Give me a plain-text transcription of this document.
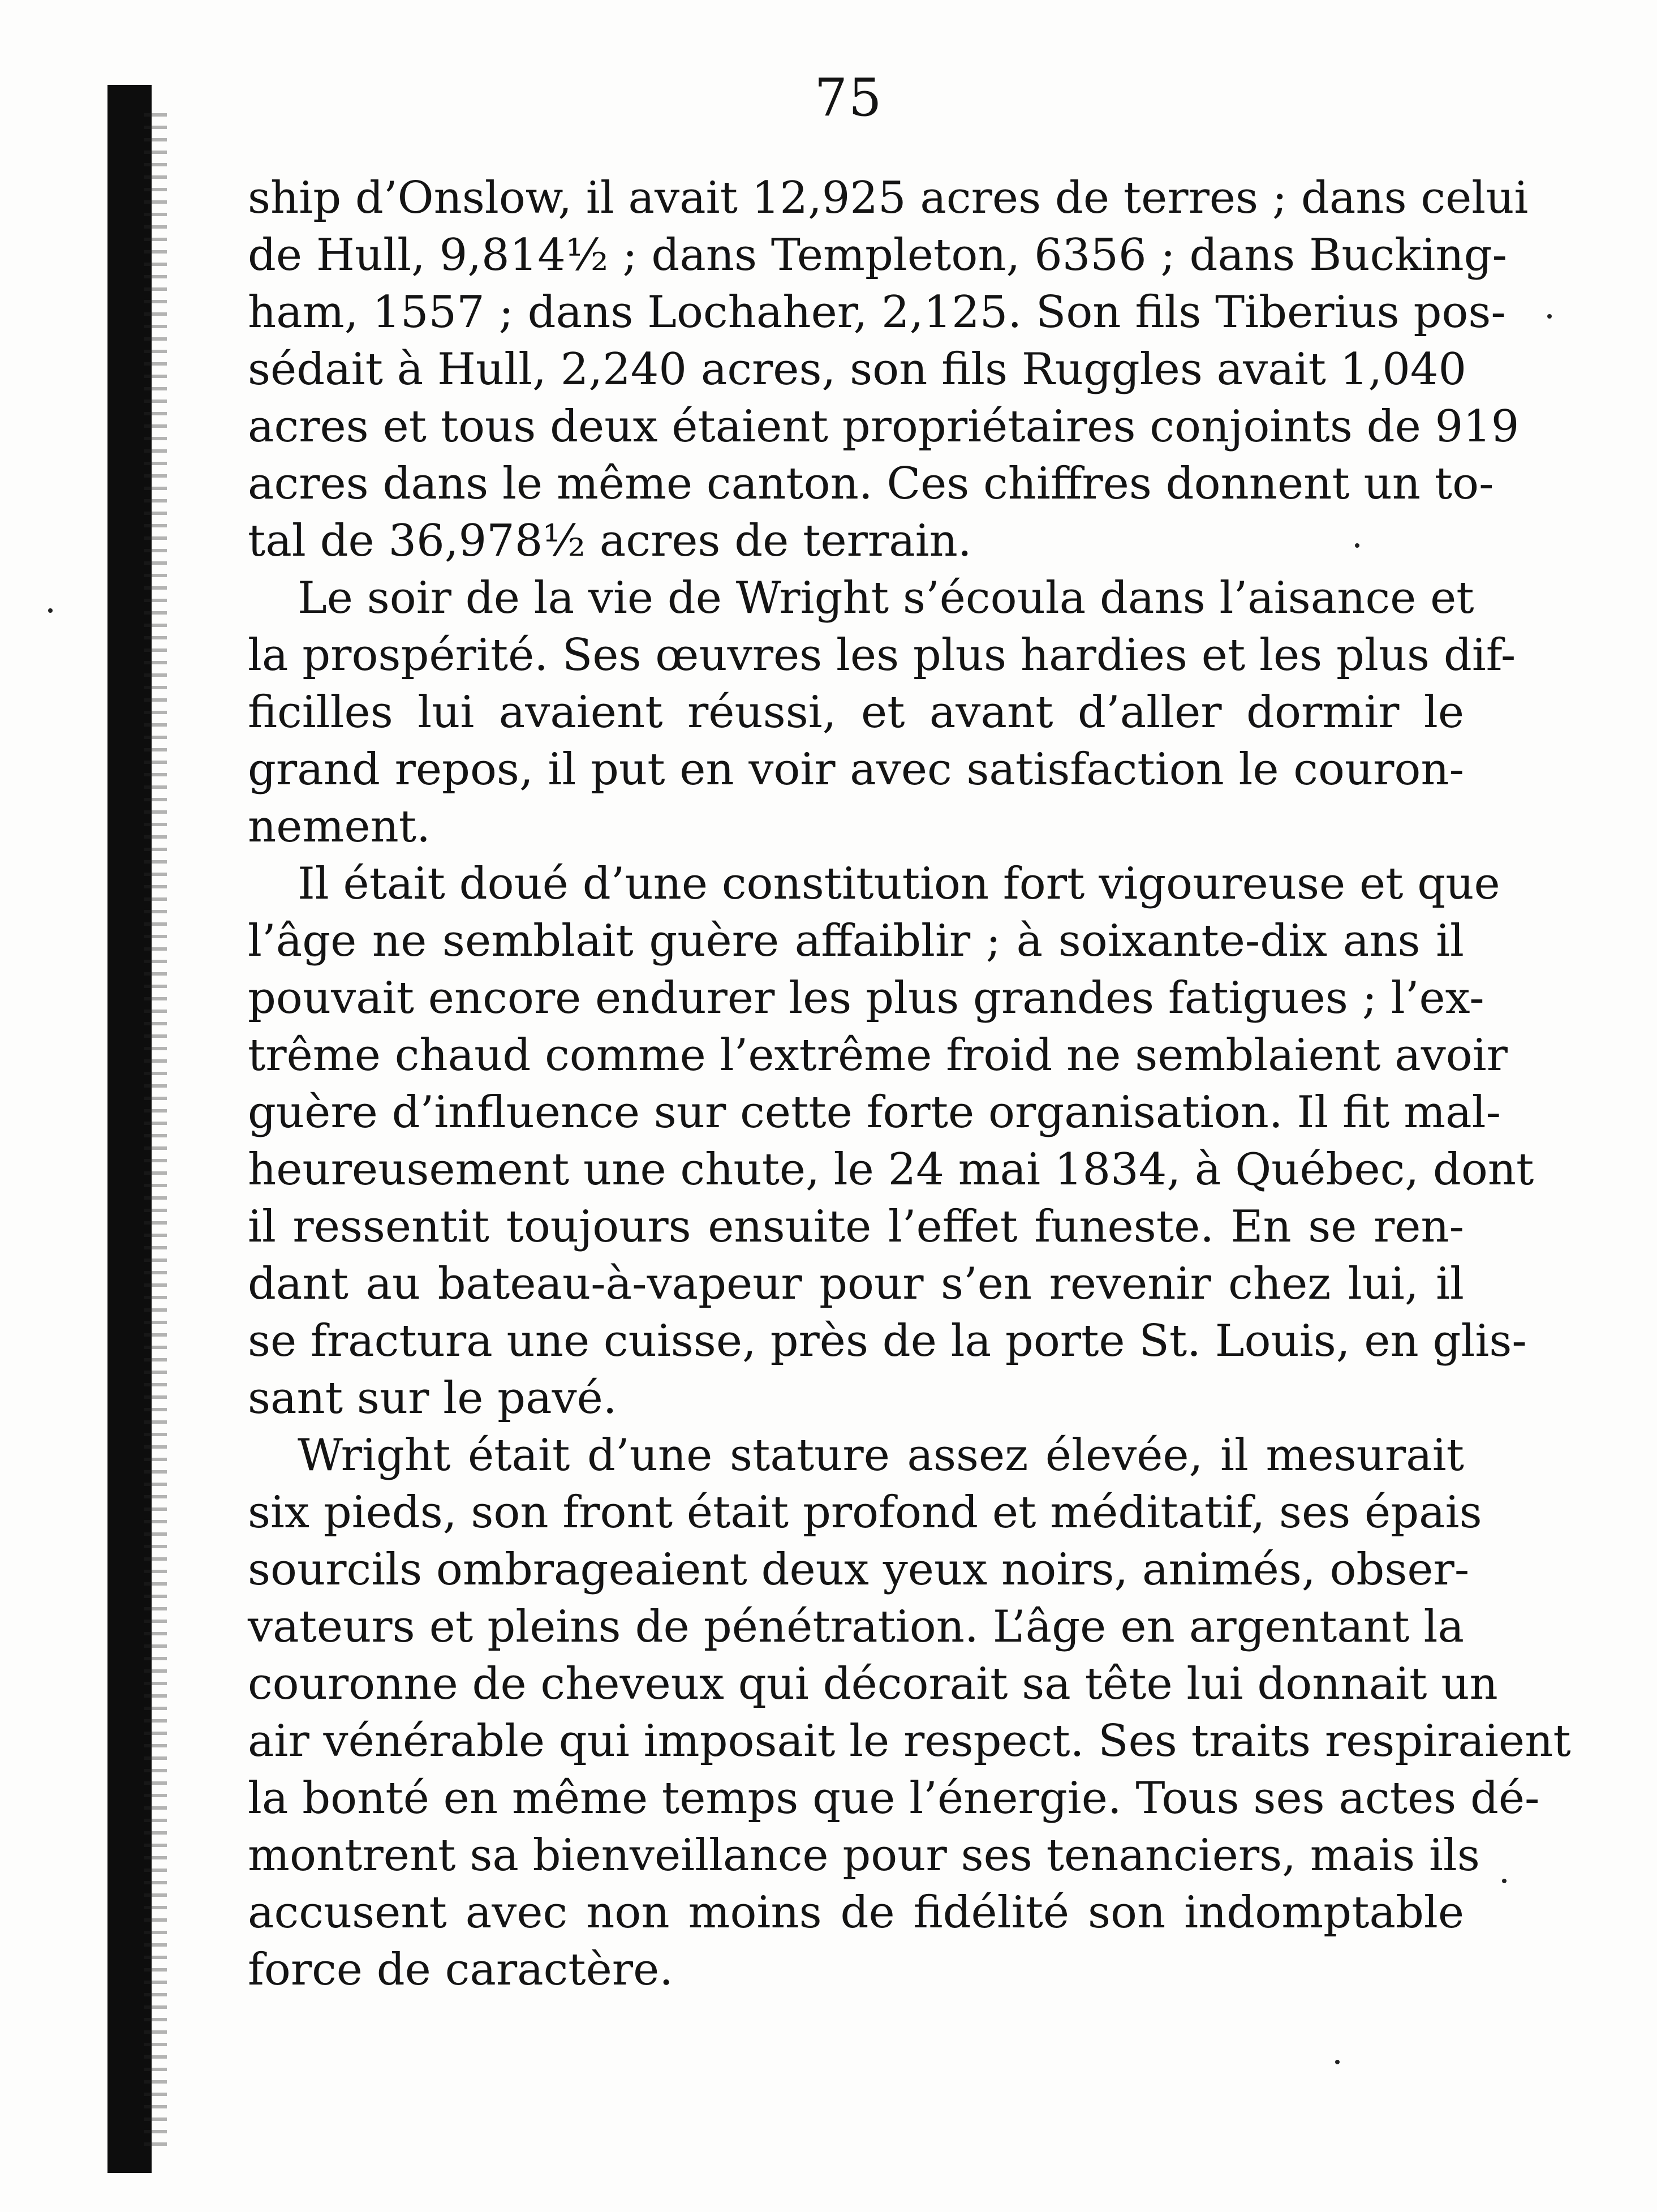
75
ship d’Onslow, il avait 12,925 acres de terres ; dans celui
de Hull, 9,814½ ; dans Templeton, 6356 ; dans Bucking-
ham, 1557 ; dans Lochaher, 2,125. Son fils Tiberius pos-
sédait à Hull, 2,240 acres, son fils Ruggles avait 1,040
acres et tous deux étaient propriétaires conjoints de 919
acres dans le même canton. Ces chiffres donnent un to-
tal de 36,978½ acres de terrain.
Le soir de la vie de Wright s’écoula dans l’aisance et
la prospérité. Ses œuvres les plus hardies et les plus dif-
ficilles lui avaient réussi, et avant d’aller dormir le
grand repos, il put en voir avec satisfaction le couron-
nement.
Il était doué d’une constitution fort vigoureuse et que
l’âge ne semblait guère affaiblir ; à soixante-dix ans il
pouvait encore endurer les plus grandes fatigues ; l’ex-
trême chaud comme l’extrême froid ne semblaient avoir
guère d’influence sur cette forte organisation. Il fit mal-
heureusement une chute, le 24 mai 1834, à Québec, dont
il ressentit toujours ensuite l’effet funeste. En se ren-
dant au bateau-à-vapeur pour s’en revenir chez lui, il
se fractura une cuisse, près de la porte St. Louis, en glis-
sant sur le pavé.
Wright était d’une stature assez élevée, il mesurait
six pieds, son front était profond et méditatif, ses épais
sourcils ombrageaient deux yeux noirs, animés, obser-
vateurs et pleins de pénétration. L’âge en argentant la
couronne de cheveux qui décorait sa tête lui donnait un
air vénérable qui imposait le respect. Ses traits respiraient
la bonté en même temps que l’énergie. Tous ses actes dé-
montrent sa bienveillance pour ses tenanciers, mais ils
accusent avec non moins de fidélité son indomptable
force de caractère.
